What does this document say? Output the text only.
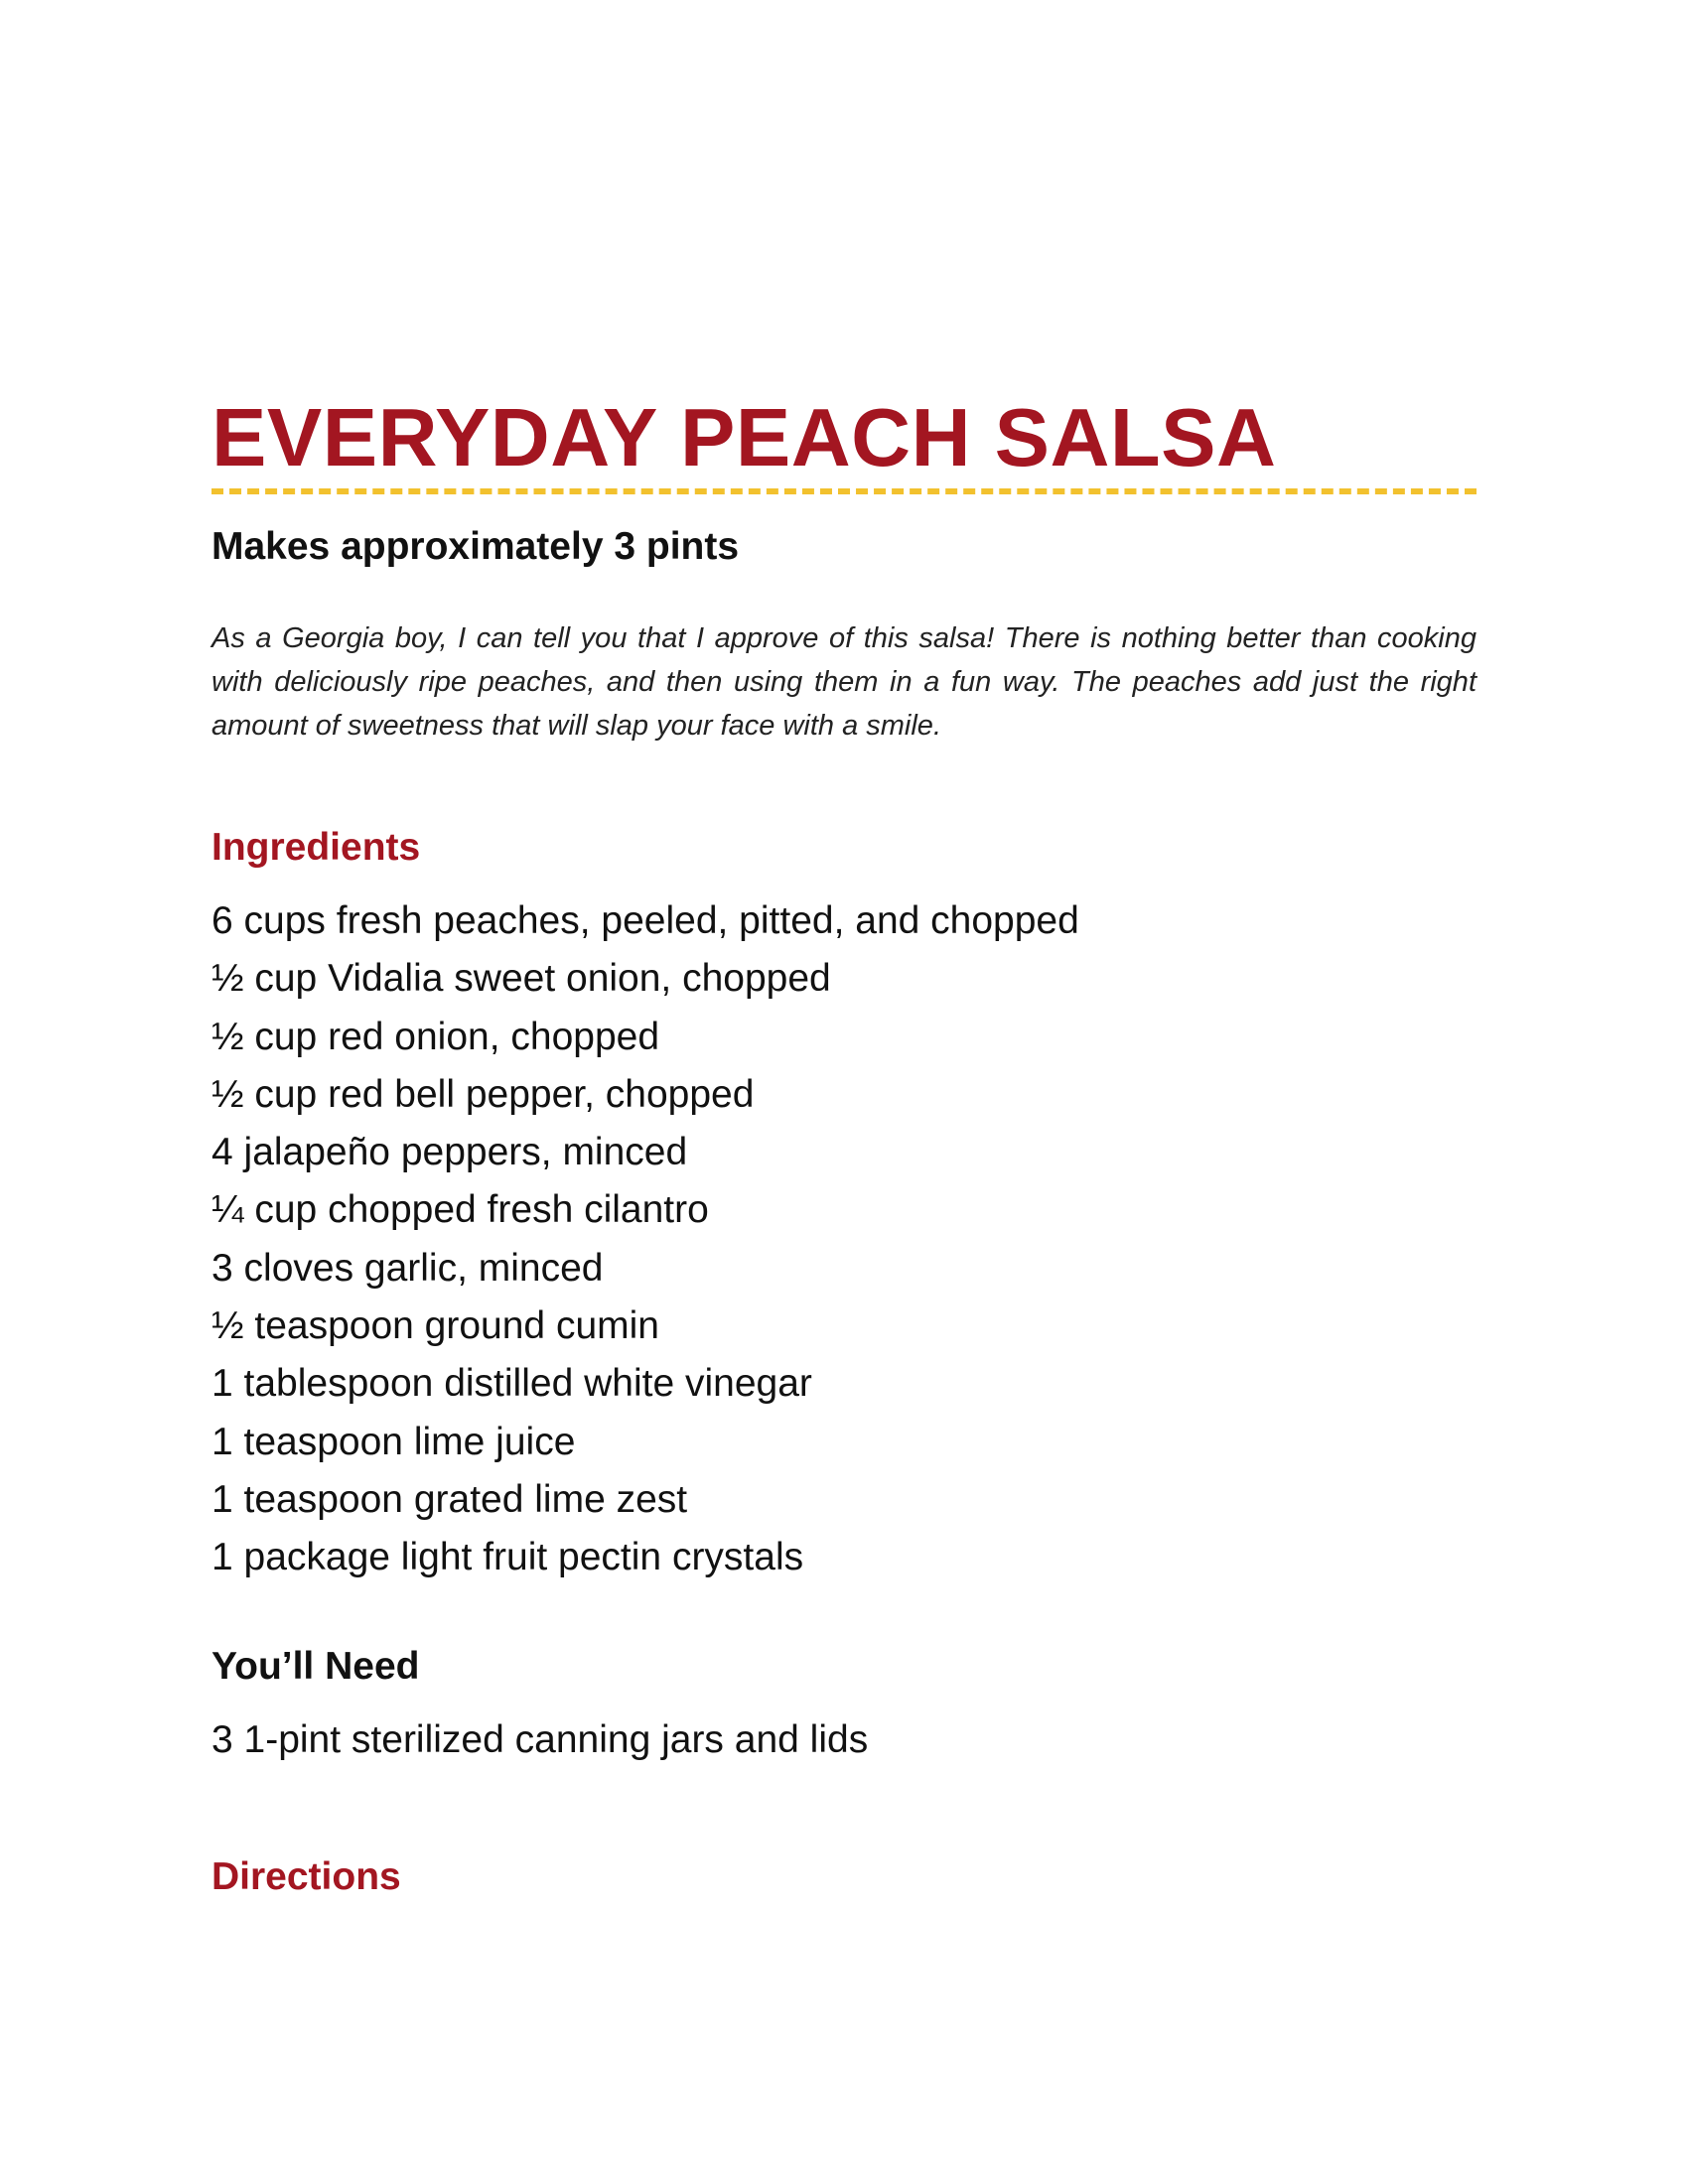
EVERYDAY PEACH SALSA
Makes approximately 3 pints

As a Georgia boy, I can tell you that I approve of this salsa! There is nothing better than cooking with deliciously ripe peaches, and then using them in a fun way. The peaches add just the right amount of sweetness that will slap your face with a smile.

Ingredients
6 cups fresh peaches, peeled, pitted, and chopped
½ cup Vidalia sweet onion, chopped
½ cup red onion, chopped
½ cup red bell pepper, chopped
4 jalapeño peppers, minced
¼ cup chopped fresh cilantro
3 cloves garlic, minced
½ teaspoon ground cumin
1 tablespoon distilled white vinegar
1 teaspoon lime juice
1 teaspoon grated lime zest
1 package light fruit pectin crystals
You’ll Need

3 1-pint sterilized canning jars and lids

Directions
